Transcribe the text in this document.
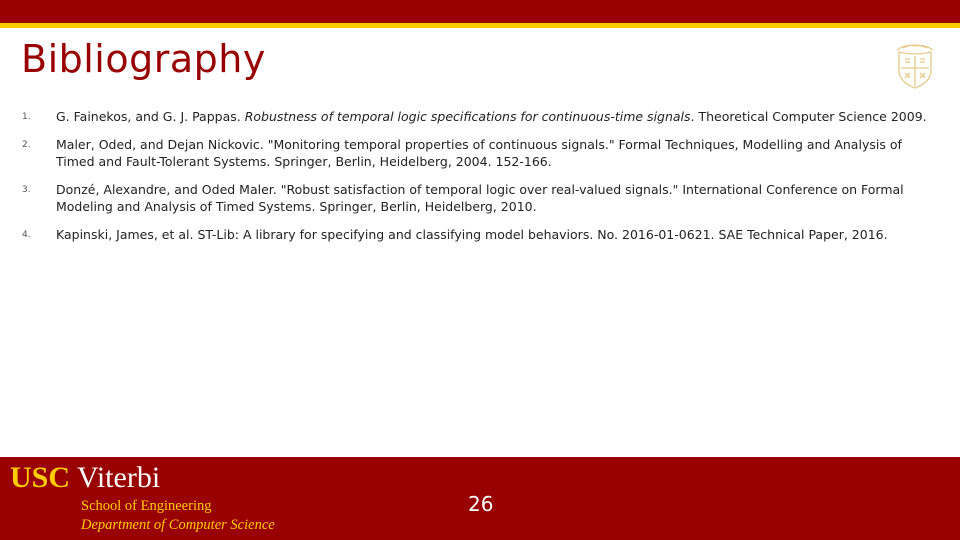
Bibliography
1. G. Fainekos, and G. J. Pappas. Robustness of temporal logic specifications for continuous-time signals. Theoretical Computer Science 2009.
2. Maler, Oded, and Dejan Nickovic. "Monitoring temporal properties of continuous signals." Formal Techniques, Modelling and Analysis of Timed and Fault-Tolerant Systems. Springer, Berlin, Heidelberg, 2004. 152-166.
3. Donzé, Alexandre, and Oded Maler. "Robust satisfaction of temporal logic over real-valued signals." International Conference on Formal Modeling and Analysis of Timed Systems. Springer, Berlin, Heidelberg, 2010.
4. Kapinski, James, et al. ST-Lib: A library for specifying and classifying model behaviors. No. 2016-01-0621. SAE Technical Paper, 2016.
USC Viterbi
School of Engineering
Department of Computer Science
26
